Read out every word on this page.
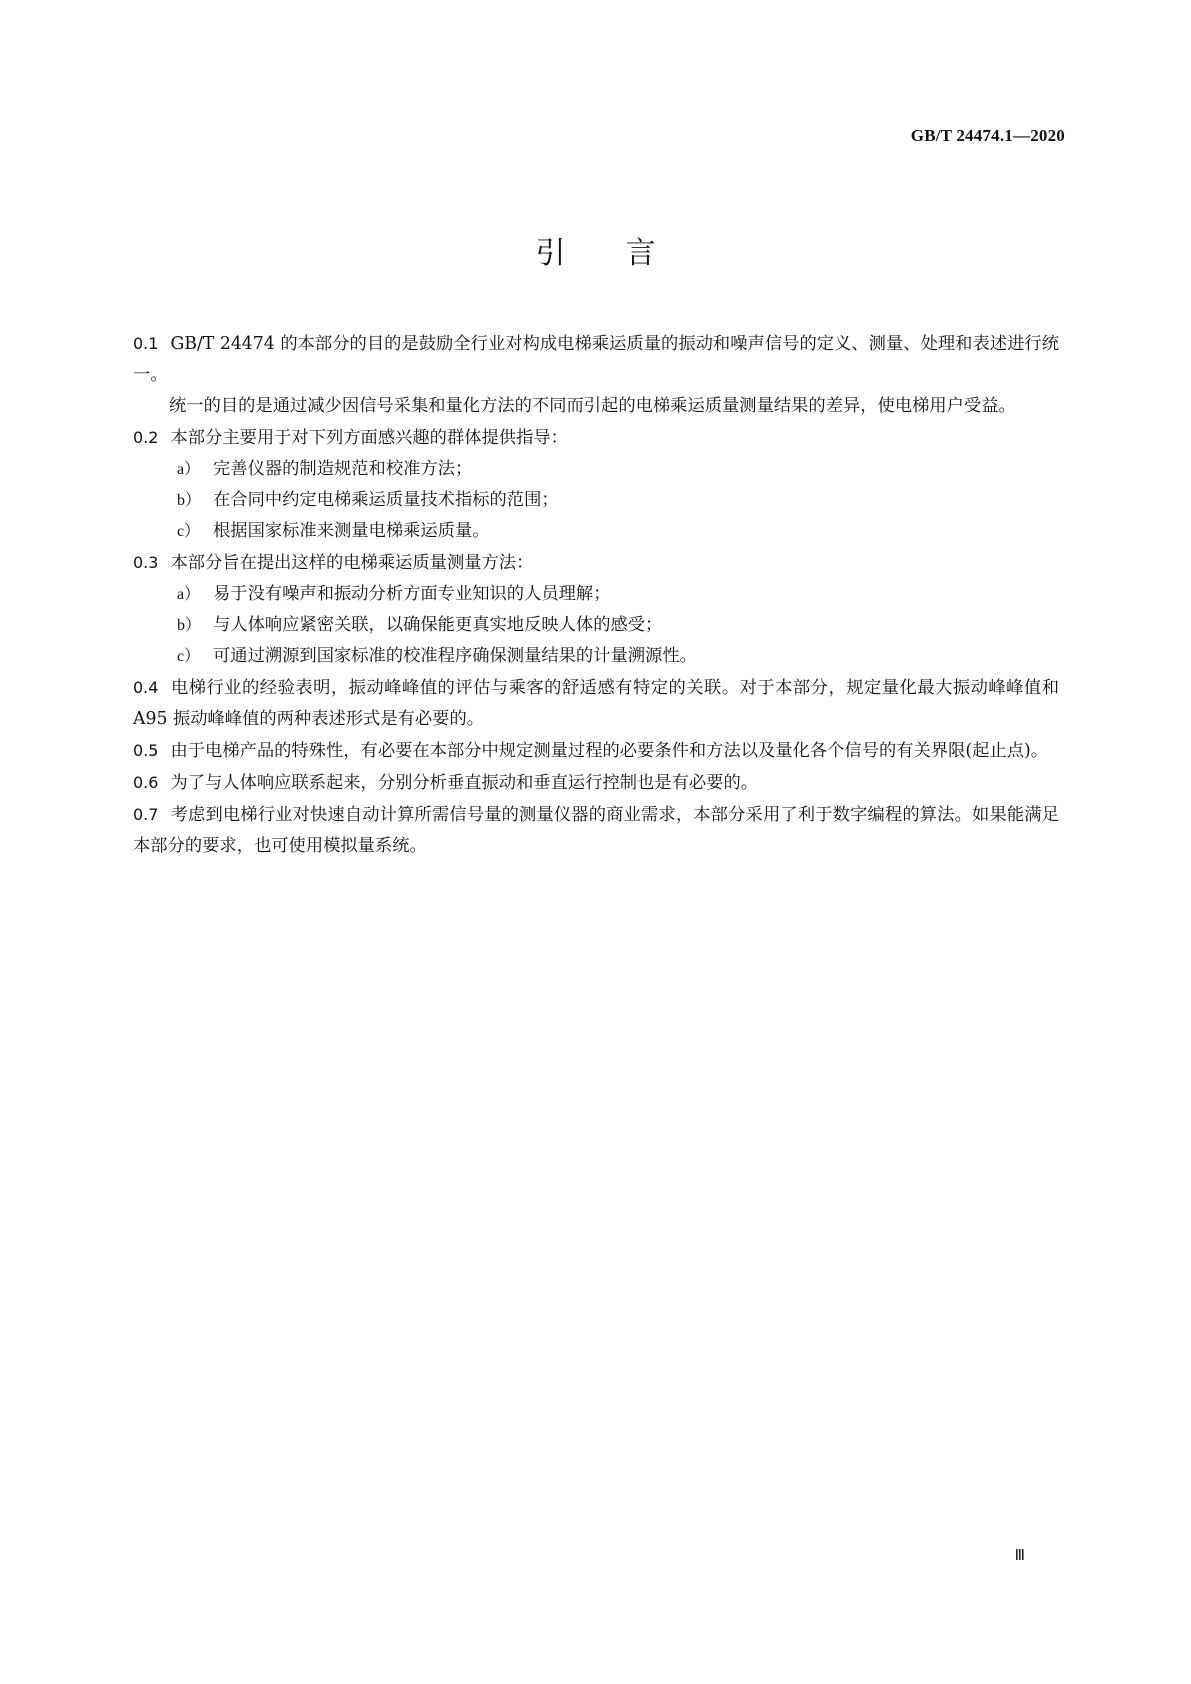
GB/T 24474.1—2020
引言

0.1 GB/T 24474 的本部分的目的是鼓励全行业对构成电梯乘运质量的振动和噪声信号的定义、测量、处理和表述进行统一。

统一的目的是通过减少因信号采集和量化方法的不同而引起的电梯乘运质量测量结果的差异，使电梯用户受益。

0.2 本部分主要用于对下列方面感兴趣的群体提供指导：

a） 完善仪器的制造规范和校准方法；

b） 在合同中约定电梯乘运质量技术指标的范围；

c） 根据国家标准来测量电梯乘运质量。

0.3 本部分旨在提出这样的电梯乘运质量测量方法：

a） 易于没有噪声和振动分析方面专业知识的人员理解；

b） 与人体响应紧密关联，以确保能更真实地反映人体的感受；

c） 可通过溯源到国家标准的校准程序确保测量结果的计量溯源性。

0.4 电梯行业的经验表明，振动峰峰值的评估与乘客的舒适感有特定的关联。对于本部分，规定量化最大振动峰峰值和 A95 振动峰峰值的两种表述形式是有必要的。

0.5 由于电梯产品的特殊性，有必要在本部分中规定测量过程的必要条件和方法以及量化各个信号的有关界限(起止点)。

0.6 为了与人体响应联系起来，分别分析垂直振动和垂直运行控制也是有必要的。

0.7 考虑到电梯行业对快速自动计算所需信号量的测量仪器的商业需求，本部分采用了利于数字编程的算法。如果能满足本部分的要求，也可使用模拟量系统。

Ⅲ
